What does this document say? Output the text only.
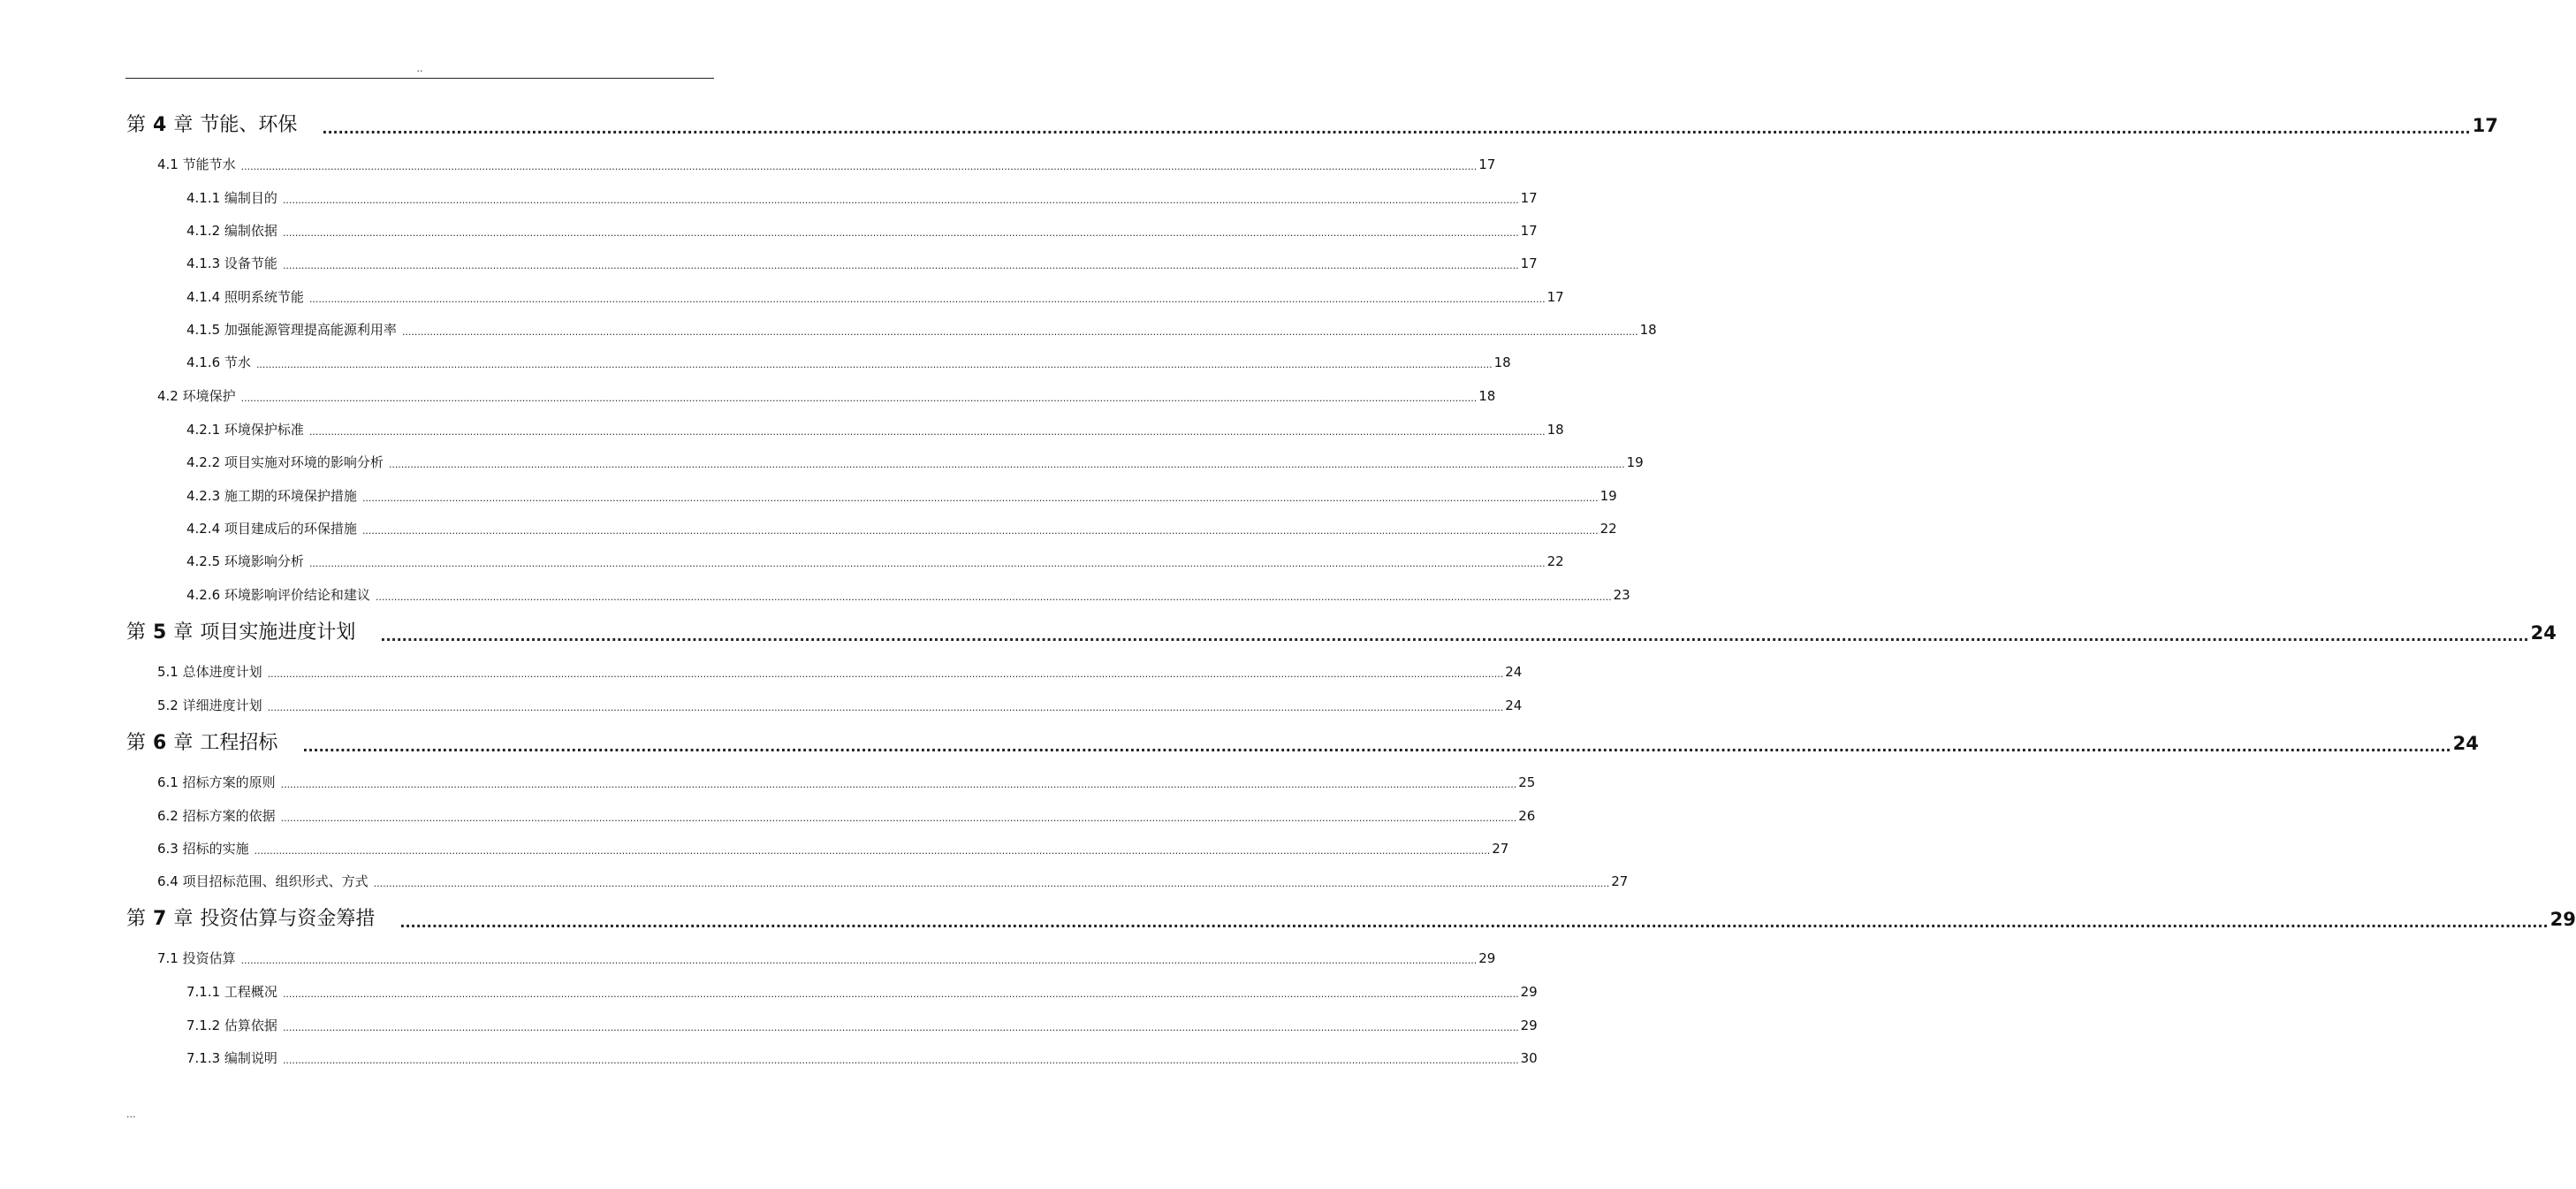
..
第 4 章 节能、环保 ................................................................................................................................................................................................................................................................................................................................................................................................................ 17
4.1 节能节水 ................................................................................................................................................................................................................................................................................................................................................................................................................ 17
4.1.1 编制目的 ................................................................................................................................................................................................................................................................................................................................................................................................................ 17
4.1.2 编制依据 ................................................................................................................................................................................................................................................................................................................................................................................................................ 17
4.1.3 设备节能 ................................................................................................................................................................................................................................................................................................................................................................................................................ 17
4.1.4 照明系统节能 ................................................................................................................................................................................................................................................................................................................................................................................................................ 17
4.1.5 加强能源管理提高能源利用率 ................................................................................................................................................................................................................................................................................................................................................................................................................ 18
4.1.6 节水 ................................................................................................................................................................................................................................................................................................................................................................................................................ 18
4.2 环境保护 ................................................................................................................................................................................................................................................................................................................................................................................................................ 18
4.2.1 环境保护标准 ................................................................................................................................................................................................................................................................................................................................................................................................................ 18
4.2.2 项目实施对环境的影响分析 ................................................................................................................................................................................................................................................................................................................................................................................................................ 19
4.2.3 施工期的环境保护措施 ................................................................................................................................................................................................................................................................................................................................................................................................................ 19
4.2.4 项目建成后的环保措施 ................................................................................................................................................................................................................................................................................................................................................................................................................ 22
4.2.5 环境影响分析 ................................................................................................................................................................................................................................................................................................................................................................................................................ 22
4.2.6 环境影响评价结论和建议 ................................................................................................................................................................................................................................................................................................................................................................................................................ 23
第 5 章 项目实施进度计划 ................................................................................................................................................................................................................................................................................................................................................................................................................ 24
5.1 总体进度计划 ................................................................................................................................................................................................................................................................................................................................................................................................................ 24
5.2 详细进度计划 ................................................................................................................................................................................................................................................................................................................................................................................................................ 24
第 6 章 工程招标 ................................................................................................................................................................................................................................................................................................................................................................................................................ 24
6.1 招标方案的原则 ................................................................................................................................................................................................................................................................................................................................................................................................................ 25
6.2 招标方案的依据 ................................................................................................................................................................................................................................................................................................................................................................................................................ 26
6.3 招标的实施 ................................................................................................................................................................................................................................................................................................................................................................................................................ 27
6.4 项目招标范围、组织形式、方式 ................................................................................................................................................................................................................................................................................................................................................................................................................ 27
第 7 章 投资估算与资金筹措 ................................................................................................................................................................................................................................................................................................................................................................................................................ 29
7.1 投资估算 ................................................................................................................................................................................................................................................................................................................................................................................................................ 29
7.1.1 工程概况 ................................................................................................................................................................................................................................................................................................................................................................................................................ 29
7.1.2 估算依据 ................................................................................................................................................................................................................................................................................................................................................................................................................ 29
7.1.3 编制说明 ................................................................................................................................................................................................................................................................................................................................................................................................................ 30
...
